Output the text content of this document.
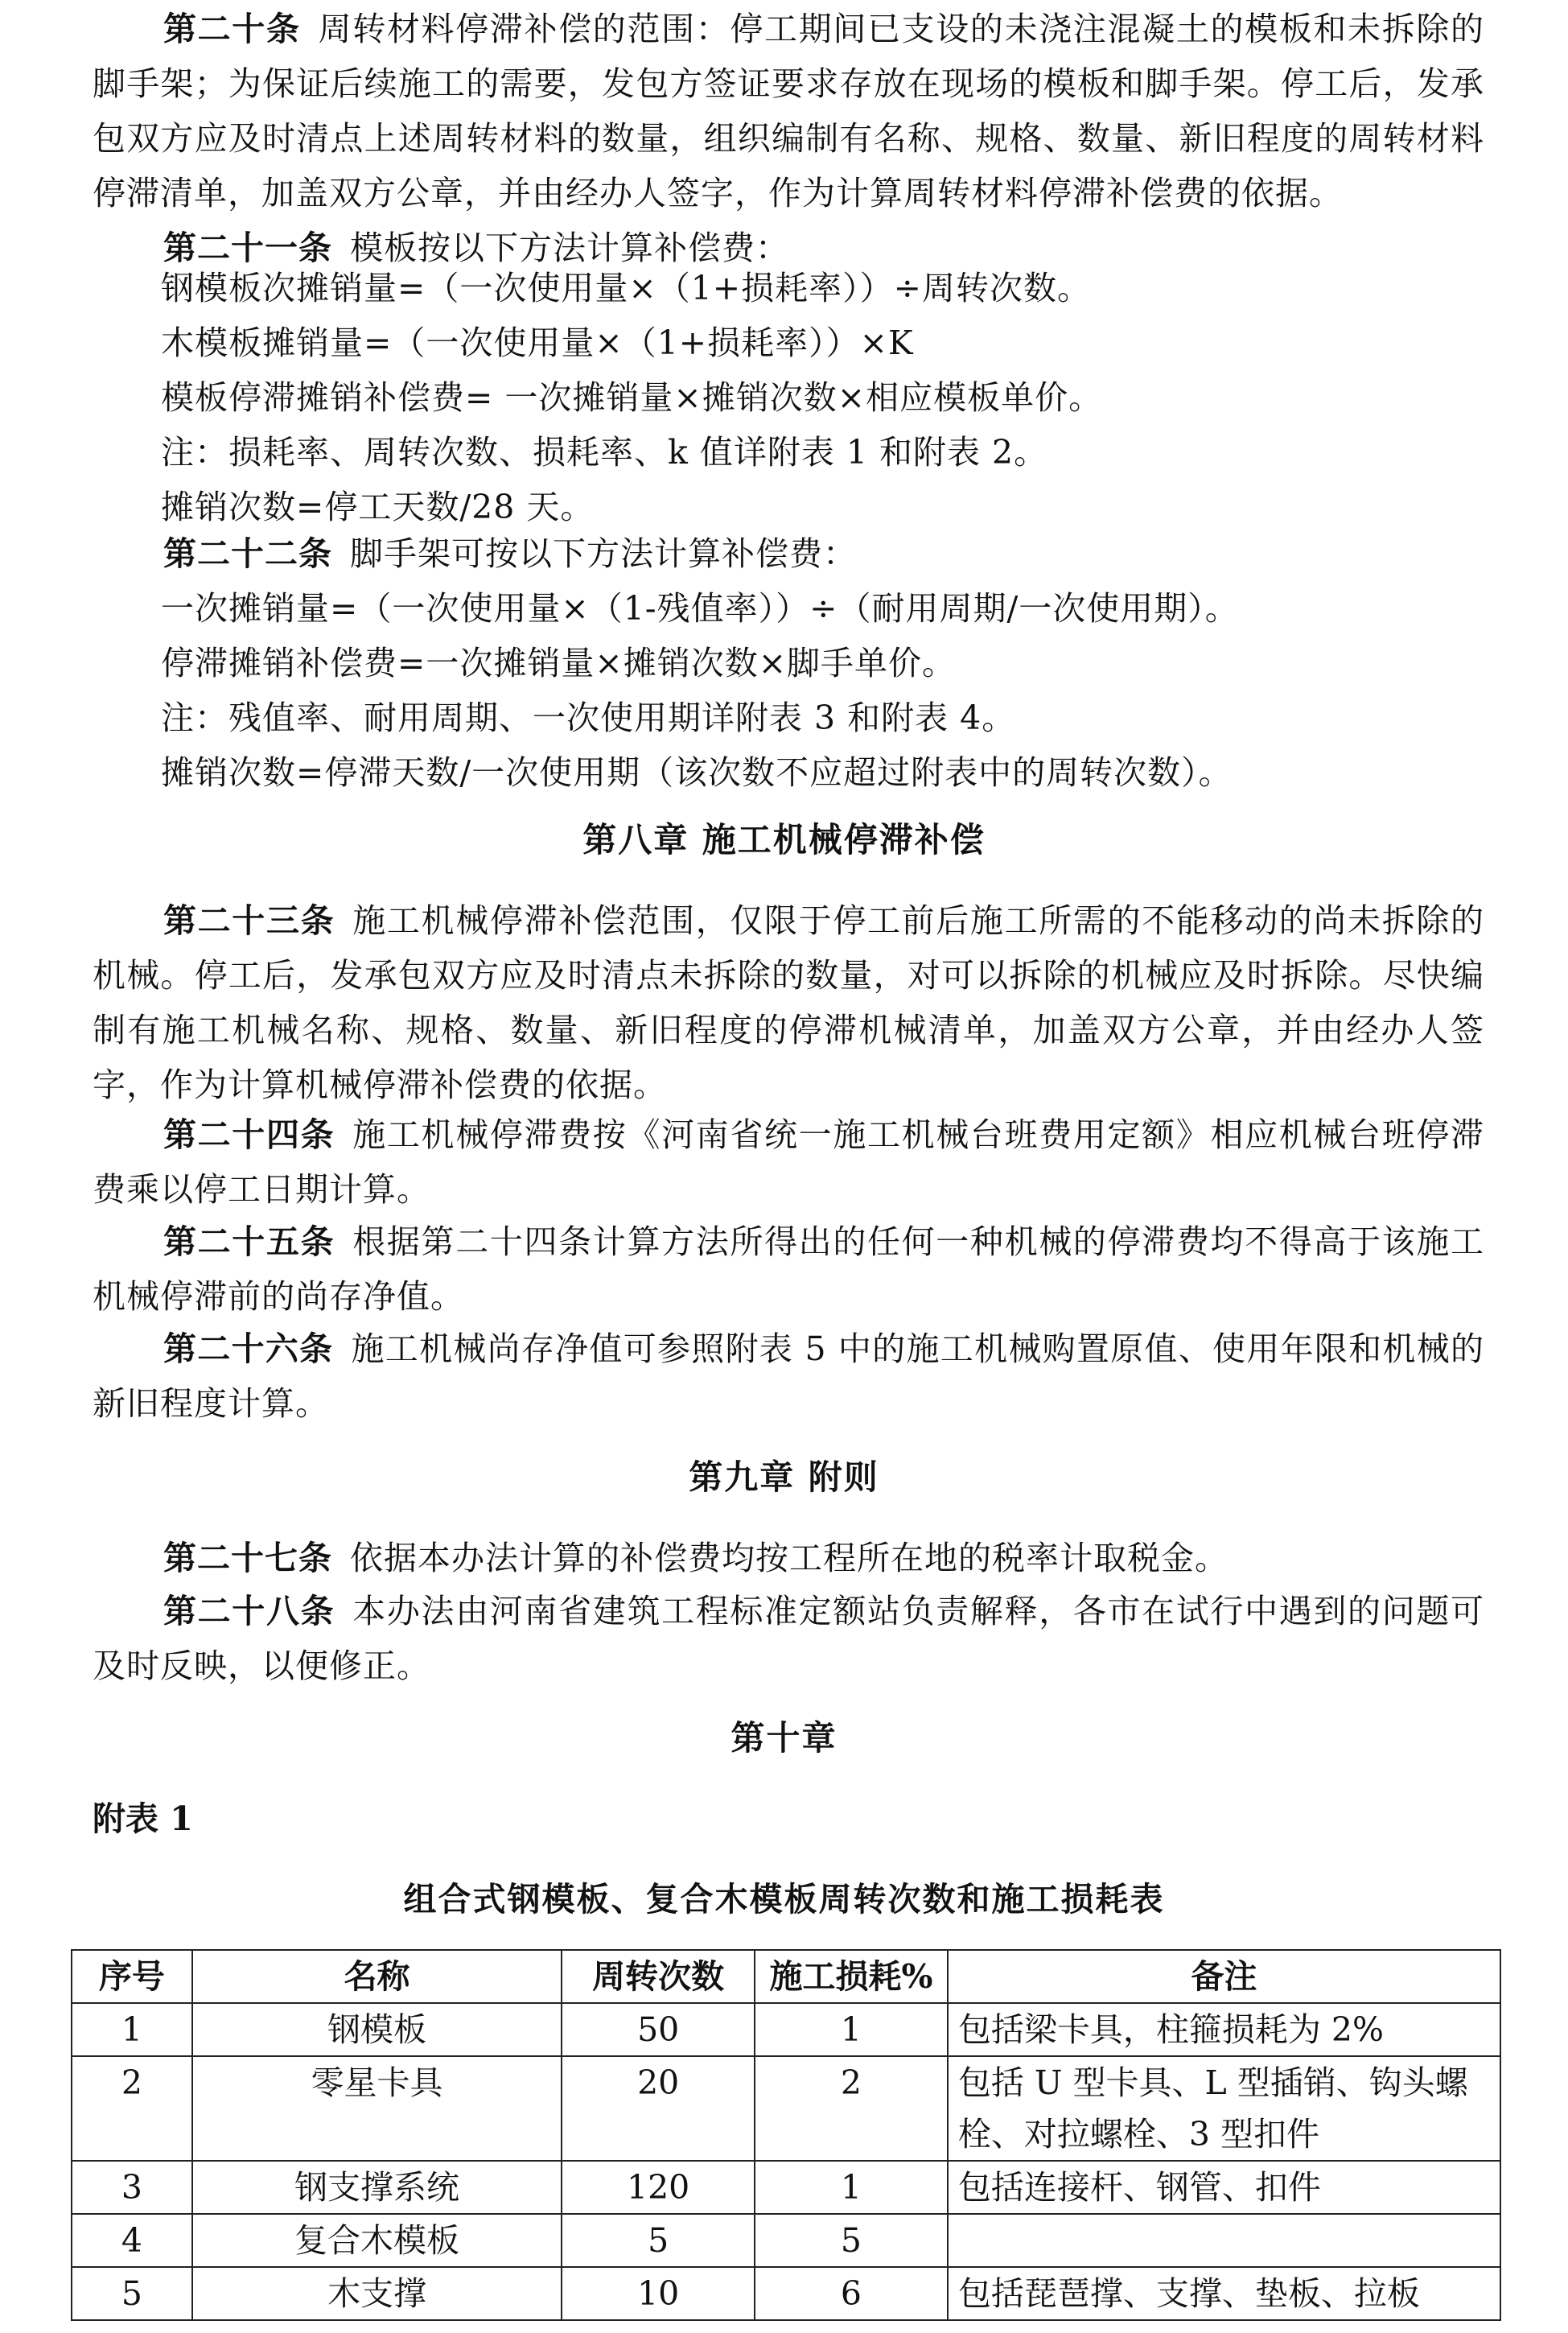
第二十条 周转材料停滞补偿的范围：停工期间已支设的未浇注混凝土的模板和未拆除的脚手架；为保证后续施工的需要，发包方签证要求存放在现场的模板和脚手架。停工后，发承包双方应及时清点上述周转材料的数量，组织编制有名称、规格、数量、新旧程度的周转材料停滞清单，加盖双方公章，并由经办人签字，作为计算周转材料停滞补偿费的依据。

第二十一条 模板按以下方法计算补偿费：

钢模板次摊销量=（一次使用量×（1+损耗率））÷周转次数。

木模板摊销量=（一次使用量×（1+损耗率））×K

模板停滞摊销补偿费= 一次摊销量×摊销次数×相应模板单价。

注：损耗率、周转次数、损耗率、k 值详附表 1 和附表 2。

摊销次数=停工天数/28 天。

第二十二条 脚手架可按以下方法计算补偿费：

一次摊销量=（一次使用量×（1-残值率））÷（耐用周期/一次使用期）。

停滞摊销补偿费=一次摊销量×摊销次数×脚手单价。

注：残值率、耐用周期、一次使用期详附表 3 和附表 4。

摊销次数=停滞天数/一次使用期（该次数不应超过附表中的周转次数）。

第八章 施工机械停滞补偿

第二十三条 施工机械停滞补偿范围，仅限于停工前后施工所需的不能移动的尚未拆除的机械。停工后，发承包双方应及时清点未拆除的数量，对可以拆除的机械应及时拆除。尽快编制有施工机械名称、规格、数量、新旧程度的停滞机械清单，加盖双方公章，并由经办人签字，作为计算机械停滞补偿费的依据。

第二十四条 施工机械停滞费按《河南省统一施工机械台班费用定额》相应机械台班停滞费乘以停工日期计算。

第二十五条 根据第二十四条计算方法所得出的任何一种机械的停滞费均不得高于该施工机械停滞前的尚存净值。

第二十六条 施工机械尚存净值可参照附表 5 中的施工机械购置原值、使用年限和机械的新旧程度计算。

第九章 附则

第二十七条 依据本办法计算的补偿费均按工程所在地的税率计取税金。

第二十八条 本办法由河南省建筑工程标准定额站负责解释，各市在试行中遇到的问题可及时反映，以便修正。

第十章

附表 1

组合式钢模板、复合木模板周转次数和施工损耗表
序号	名称	周转次数	施工损耗%	备注
1	钢模板	50	1	包括梁卡具，柱箍损耗为 2%
2	零星卡具	20	2	包括 U 型卡具、L 型插销、钩头螺栓、对拉螺栓、3 型扣件
3	钢支撑系统	120	1	包括连接杆、钢管、扣件
4	复合木模板	5	5	
5	木支撑	10	6	包括琵琶撑、支撑、垫板、拉板
